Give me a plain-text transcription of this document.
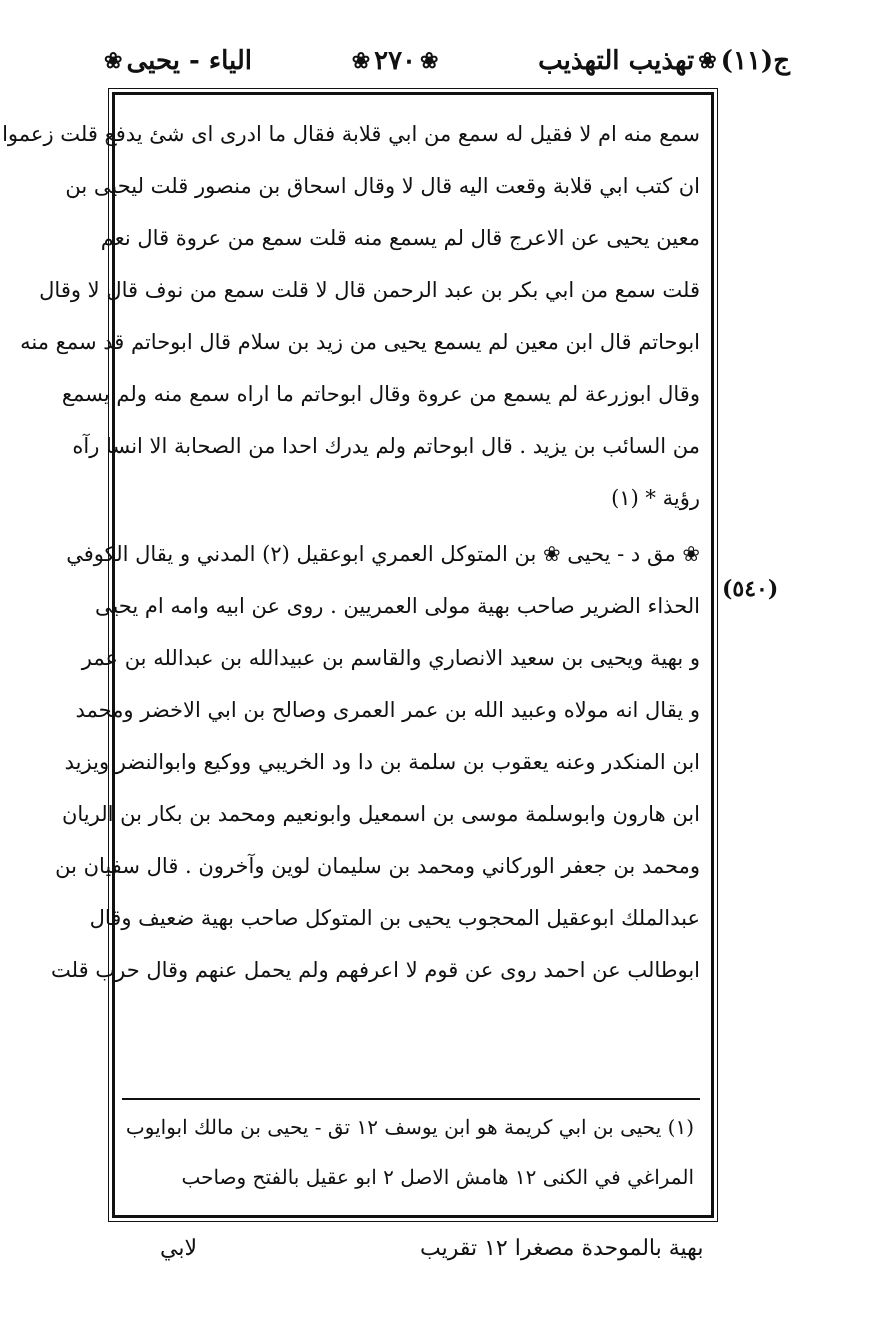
ج(١١)
❀
تهذيب التهذيب
❀
٢٧٠
❀
الياء - يحيى
❀
سمع منه ام لا فقيل له سمع من ابي قلابة فقال ما ادرى اى شئ يدفع قلت زعموا
ان كتب ابي قلابة وقعت اليه قال لا وقال اسحاق بن منصور قلت ليحيى بن
معين يحيى عن الاعرج قال لم يسمع منه قلت سمع من عروة قال نعم
قلت سمع من ابي بكر بن عبد الرحمن قال لا قلت سمع من نوف قال لا وقال
ابوحاتم قال ابن معين لم يسمع يحيى من زيد بن سلام قال ابوحاتم قد سمع منه
وقال ابوزرعة لم يسمع من عروة وقال ابوحاتم ما اراه سمع منه ولم يسمع
من السائب بن يزيد . قال ابوحاتم ولم يدرك احدا من الصحابة الا انسا رآه
رؤية * (١)
❀ مق د - يحيى ❀ بن المتوكل العمري ابوعقيل (٢) المدني و يقال الكوفي
الحذاء الضرير صاحب بهية مولى العمريين . روى عن ابيه وامه ام يحيى
و بهية ويحيى بن سعيد الانصاري والقاسم بن عبيدالله بن عبدالله بن عمر
و يقال انه مولاه وعبيد الله بن عمر العمرى وصالح بن ابي الاخضر ومحمد
ابن المنكدر وعنه يعقوب بن سلمة بن دا ود الخريبي ووكيع وابوالنضر ويزيد
ابن هارون وابوسلمة موسى بن اسمعيل وابونعيم ومحمد بن بكار بن الريان
ومحمد بن جعفر الوركاني ومحمد بن سليمان لوين وآخرون . قال سفيان بن
عبدالملك ابوعقيل المحجوب يحيى بن المتوكل صاحب بهية ضعيف وقال
ابوطالب عن احمد روى عن قوم لا اعرفهم ولم يحمل عنهم وقال حرب قلت
(٥٤٠)
(١) يحيى بن ابي كريمة هو ابن يوسف ١٢ تق - يحيى بن مالك ابوايوب
المراغي في الكنى ١٢ هامش الاصل ٢ ابو عقيل بالفتح وصاحب
بهية بالموحدة مصغرا ١٢ تقريب
لابي
